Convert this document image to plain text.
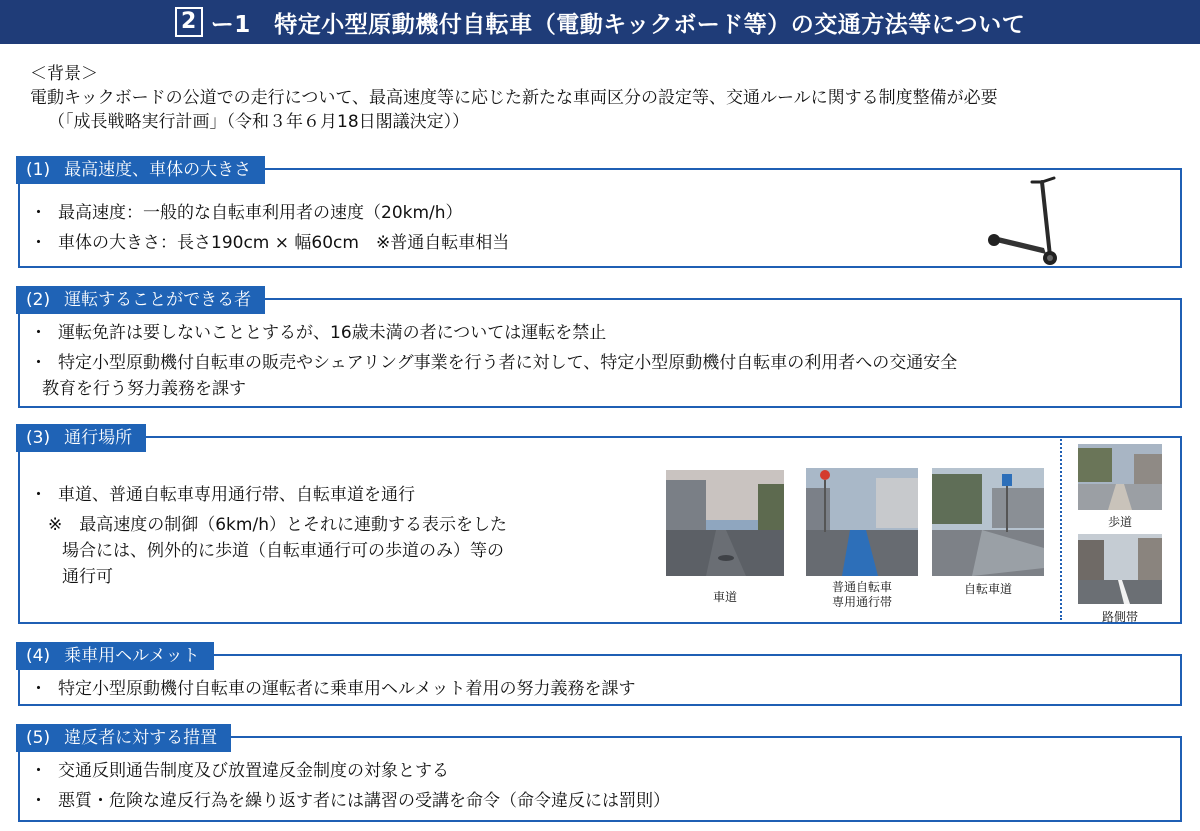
2 ー1　特定小型原動機付自転車（電動キックボード等）の交通方法等について
＜背景＞
電動キックボードの公道での走行について、最高速度等に応じた新たな車両区分の設定等、交通ルールに関する制度整備が必要
（「成長戦略実行計画」（令和３年６月18日閣議決定））
(1) 最高速度、車体の大きさ
・ 最高速度：一般的な自転車利用者の速度（20km/h）
・ 車体の大きさ：長さ190cm × 幅60cm　※普通自転車相当
(2) 運転することができる者
・ 運転免許は要しないこととするが、16歳未満の者については運転を禁止
・ 特定小型原動機付自転車の販売やシェアリング事業を行う者に対して、特定小型原動機付自転車の利用者への交通安全
教育を行う努力義務を課す
(3) 通行場所
・ 車道、普通自転車専用通行帯、自転車道を通行
※　最高速度の制御（6km/h）とそれに連動する表示をした
場合には、例外的に歩道（自転車通行可の歩道のみ）等の
通行可
車道
普通自転車
専用通行帯
自転車道
歩道
路側帯
(4) 乗車用ヘルメット
・ 特定小型原動機付自転車の運転者に乗車用ヘルメット着用の努力義務を課す
(5) 違反者に対する措置
・ 交通反則通告制度及び放置違反金制度の対象とする
・ 悪質・危険な違反行為を繰り返す者には講習の受講を命令（命令違反には罰則）
